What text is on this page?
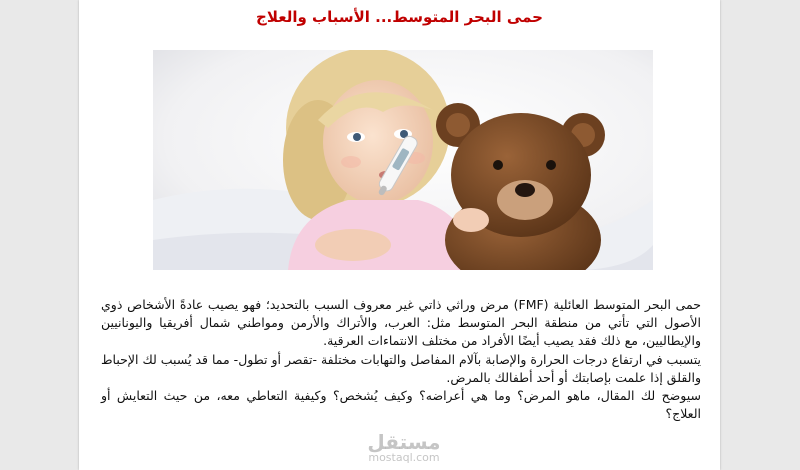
حمى البحر المتوسط... الأسباب والعلاج

حمى البحر المتوسط العائلية (FMF) مرض وراثي ذاتي غير معروف السبب بالتحديد؛ فهو يصيب عادةً الأشخاص ذوي الأصول التي تأتي من منطقة البحر المتوسط مثل: العرب، والأتراك والأرمن ومواطني شمال أفريقيا واليونانيين والإيطاليين، مع ذلك فقد يصيب أيضًا الأفراد من مختلف الانتماءات العرقية.

يتسبب في ارتفاع درجات الحرارة والإصابة بآلام المفاصل والتهابات مختلفة -تقصر أو تطول- مما قد يُسبب لك الإحباط والقلق إذا علمت بإصابتك أو أحد أطفالك بالمرض.

سيوضح لك المقال، ماهو المرض؟ وما هي أعراضه؟ وكيف يُشخص؟ وكيفية التعاطي معه، من حيث التعايش أو العلاج؟

مستقل
mostaql.com
